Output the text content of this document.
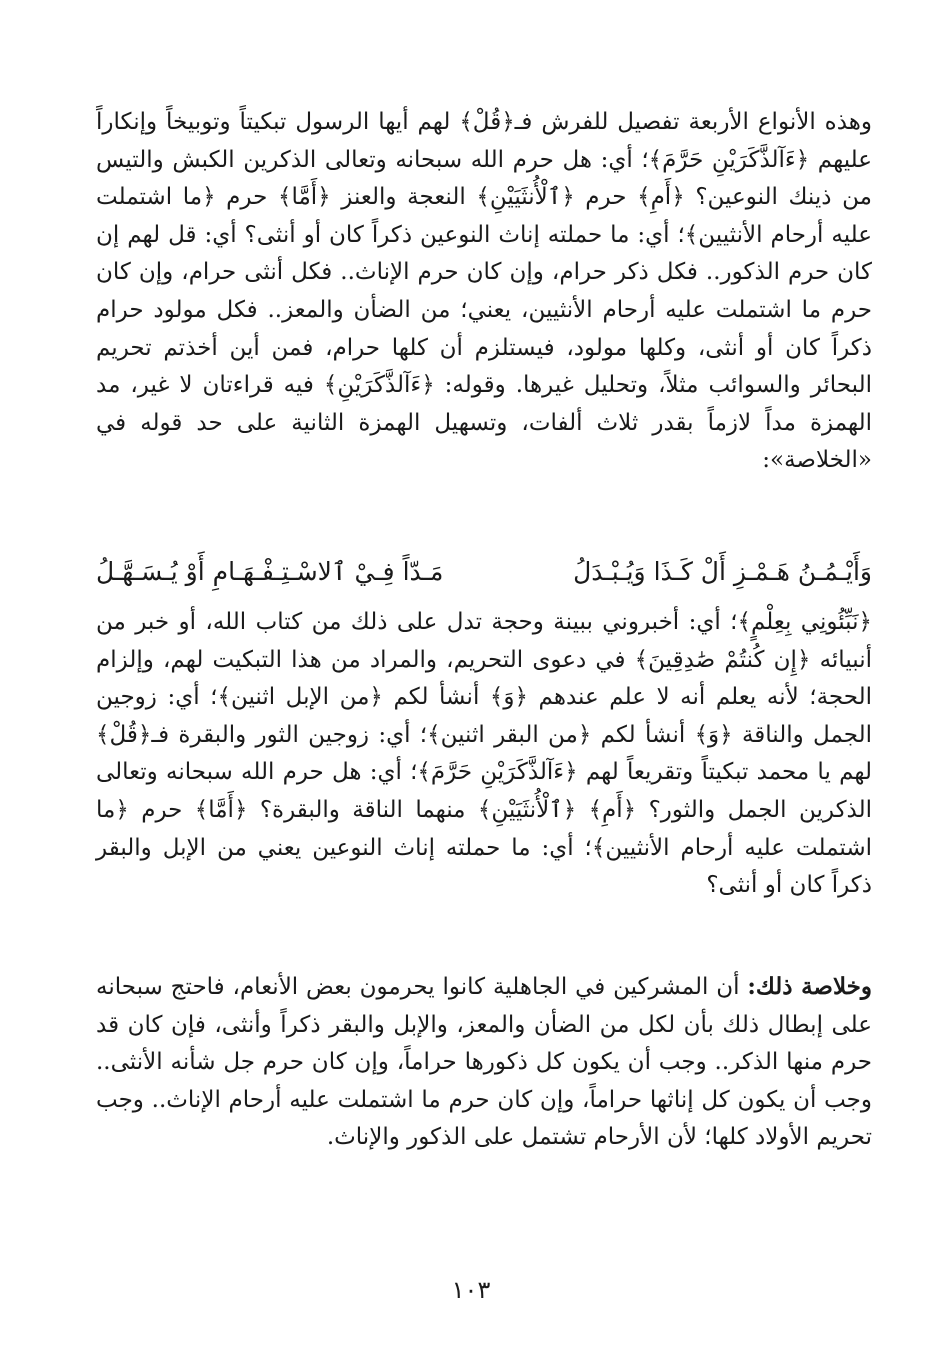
وهذه الأنواع الأربعة تفصيل للفرش فـ﴿قُلْ﴾ لهم أيها الرسول تبكيتاً وتوبيخاً وإنكاراً عليهم ﴿ءَآلذَّكَرَيْنِ حَرَّمَ﴾؛ أي: هل حرم الله سبحانه وتعالى الذكرين الكبش والتيس من ذينك النوعين؟ ﴿أَمِ﴾ حرم ﴿ٱلْأُنثَيَيْنِ﴾ النعجة والعنز ﴿أَمَّا﴾ حرم ﴿ما اشتملت عليه أرحام الأنثيين﴾؛ أي: ما حملته إناث النوعين ذكراً كان أو أنثى؟ أي: قل لهم إن كان حرم الذكور.. فكل ذكر حرام، وإن كان حرم الإناث.. فكل أنثى حرام، وإن كان حرم ما اشتملت عليه أرحام الأنثيين، يعني؛ من الضأن والمعز.. فكل مولود حرام ذكراً كان أو أنثى، وكلها مولود، فيستلزم أن كلها حرام، فمن أين أخذتم تحريم البحائر والسوائب مثلاً، وتحليل غيرها. وقوله: ﴿ءَآلذَّكَرَيْنِ﴾ فيه قراءتان لا غير، مد الهمزة مداً لازماً بقدر ثلاث ألفات، وتسهيل الهمزة الثانية على حد قوله في «الخلاصة»:

وَأَيْـمُـنُ هَـمْـزِ أَلْ كَـذَا وَيُـبْـدَلُ
مَـدّاً فِـيْ ٱلاسْـتِـفْـهَـامِ أَوْ يُـسَـهَّـلُ

﴿نَبِّئُونِي بِعِلْمٍ﴾؛ أي: أخبروني ببينة وحجة تدل على ذلك من كتاب الله، أو خبر من أنبيائه ﴿إِن كُنتُمْ صَٰدِقِينَ﴾ في دعوى التحريم، والمراد من هذا التبكيت لهم، وإلزام الحجة؛ لأنه يعلم أنه لا علم عندهم ﴿وَ﴾ أنشأ لكم ﴿من الإبل اثنين﴾؛ أي: زوجين الجمل والناقة ﴿وَ﴾ أنشأ لكم ﴿من البقر اثنين﴾؛ أي: زوجين الثور والبقرة فـ﴿قُلْ﴾ لهم يا محمد تبكيتاً وتقريعاً لهم ﴿ءَآلذَّكَرَيْنِ حَرَّمَ﴾؛ أي: هل حرم الله سبحانه وتعالى الذكرين الجمل والثور؟ ﴿أَمِ﴾ ﴿ٱلْأُنثَيَيْنِ﴾ منهما الناقة والبقرة؟ ﴿أَمَّا﴾ حرم ﴿ما اشتملت عليه أرحام الأنثيين﴾؛ أي: ما حملته إناث النوعين يعني من الإبل والبقر ذكراً كان أو أنثى؟

وخلاصة ذلك: أن المشركين في الجاهلية كانوا يحرمون بعض الأنعام، فاحتج سبحانه على إبطال ذلك بأن لكل من الضأن والمعز، والإبل والبقر ذكراً وأنثى، فإن كان قد حرم منها الذكر.. وجب أن يكون كل ذكورها حراماً، وإن كان حرم جل شأنه الأنثى.. وجب أن يكون كل إناثها حراماً، وإن كان حرم ما اشتملت عليه أرحام الإناث.. وجب تحريم الأولاد كلها؛ لأن الأرحام تشتمل على الذكور والإناث.

١٠٣
